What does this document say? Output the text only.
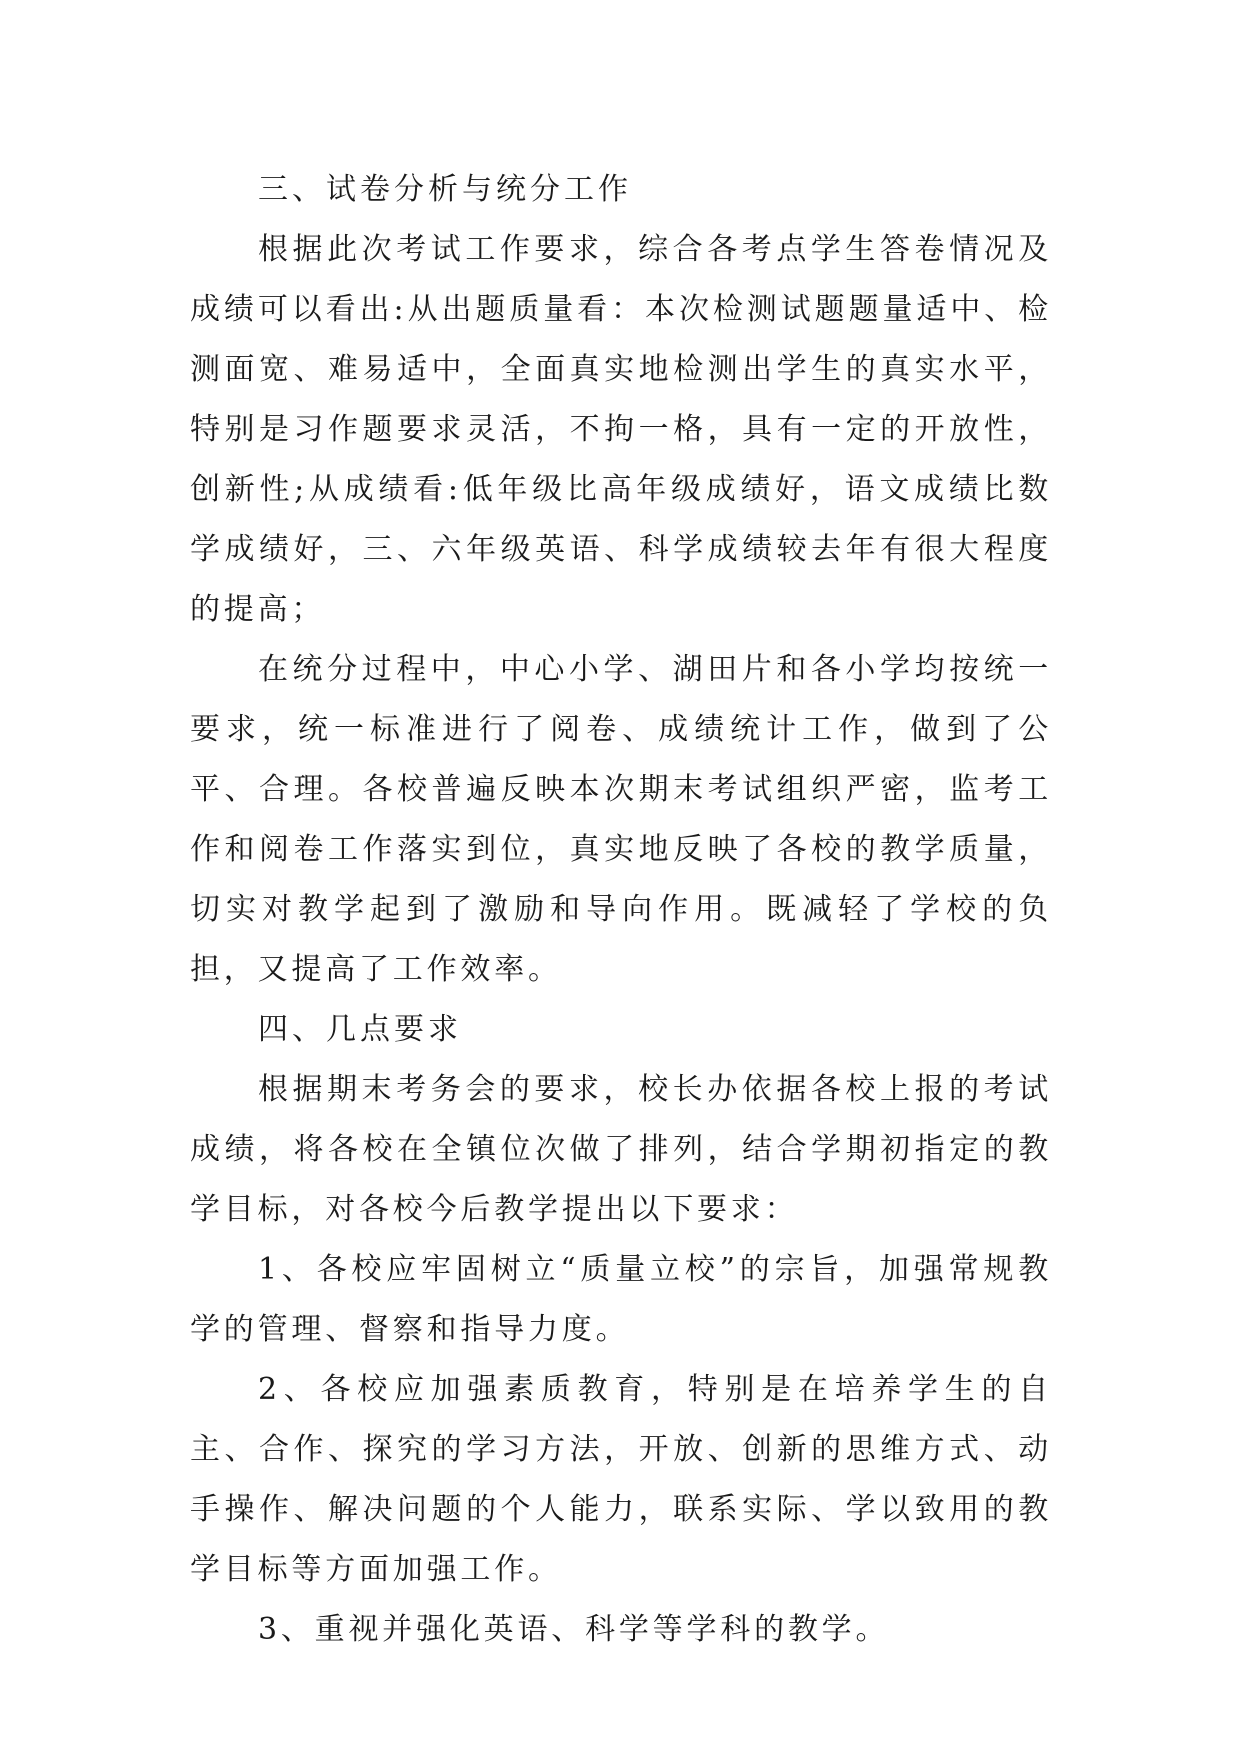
三、试卷分析与统分工作

根据此次考试工作要求，综合各考点学生答卷情况及成绩可以看出:从出题质量看：本次检测试题题量适中、检测面宽、难易适中，全面真实地检测出学生的真实水平，特别是习作题要求灵活，不拘一格，具有一定的开放性，创新性;从成绩看:低年级比高年级成绩好，语文成绩比数学成绩好，三、六年级英语、科学成绩较去年有很大程度的提高；

在统分过程中，中心小学、湖田片和各小学均按统一要求，统一标准进行了阅卷、成绩统计工作，做到了公平、合理。各校普遍反映本次期末考试组织严密，监考工作和阅卷工作落实到位，真实地反映了各校的教学质量，切实对教学起到了激励和导向作用。既减轻了学校的负担，又提高了工作效率。

四、几点要求

根据期末考务会的要求，校长办依据各校上报的考试成绩，将各校在全镇位次做了排列，结合学期初指定的教学目标，对各校今后教学提出以下要求：

1、各校应牢固树立“质量立校”的宗旨，加强常规教学的管理、督察和指导力度。

2、各校应加强素质教育，特别是在培养学生的自主、合作、探究的学习方法，开放、创新的思维方式、动手操作、解决问题的个人能力，联系实际、学以致用的教学目标等方面加强工作。

3、重视并强化英语、科学等学科的教学。
